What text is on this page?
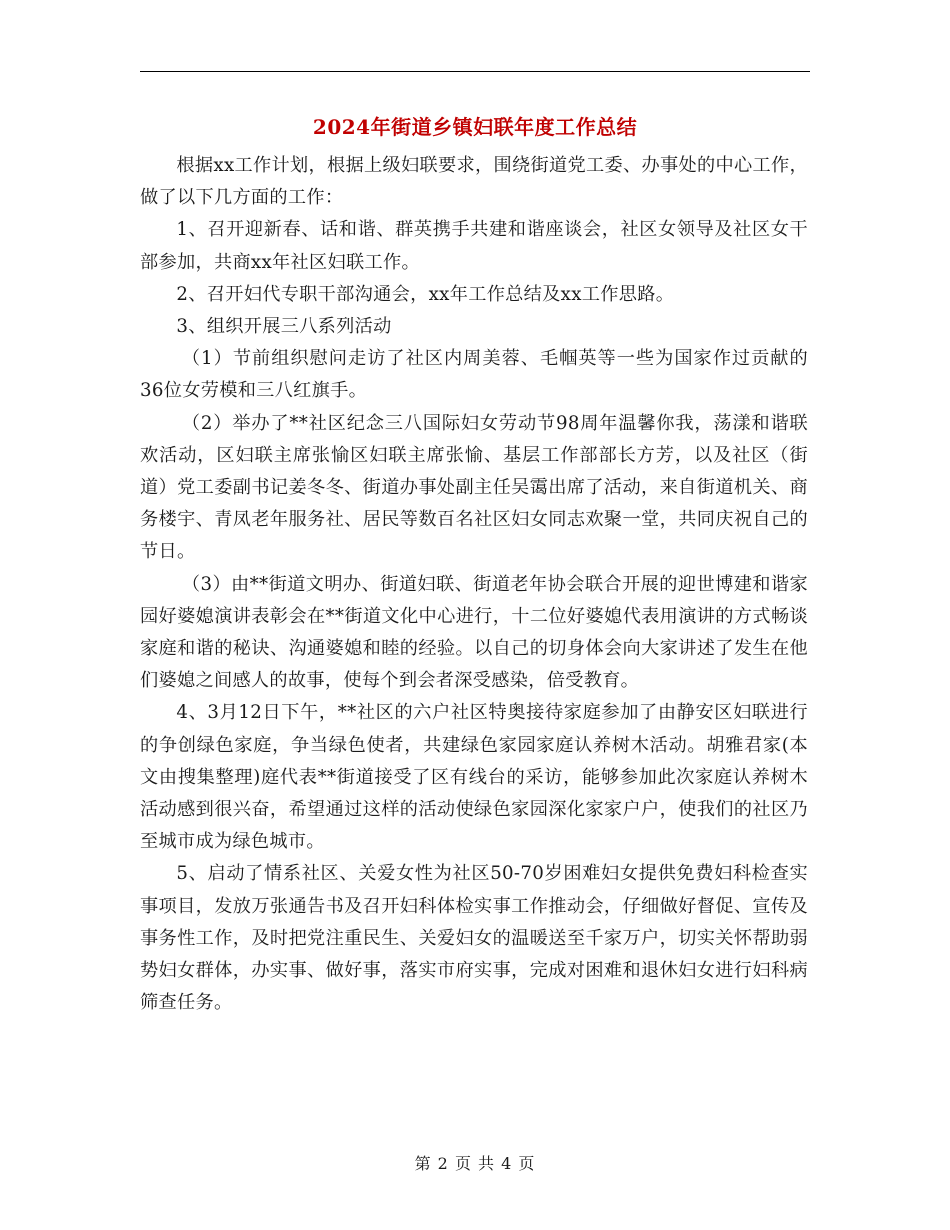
2024年街道乡镇妇联年度工作总结

根据xx工作计划，根据上级妇联要求，围绕街道党工委、办事处的中心工作，做了以下几方面的工作：

1、召开迎新春、话和谐、群英携手共建和谐座谈会，社区女领导及社区女干部参加，共商xx年社区妇联工作。

2、召开妇代专职干部沟通会，xx年工作总结及xx工作思路。

3、组织开展三八系列活动

（1）节前组织慰问走访了社区内周美蓉、毛帼英等一些为国家作过贡献的36位女劳模和三八红旗手。

（2）举办了**社区纪念三八国际妇女劳动节98周年温馨你我，荡漾和谐联欢活动，区妇联主席张愉区妇联主席张愉、基层工作部部长方芳，以及社区（街道）党工委副书记姜冬冬、街道办事处副主任吴霭出席了活动，来自街道机关、商务楼宇、青凤老年服务社、居民等数百名社区妇女同志欢聚一堂，共同庆祝自己的节日。

（3）由**街道文明办、街道妇联、街道老年协会联合开展的迎世博建和谐家园好婆媳演讲表彰会在**街道文化中心进行，十二位好婆媳代表用演讲的方式畅谈家庭和谐的秘诀、沟通婆媳和睦的经验。以自己的切身体会向大家讲述了发生在他们婆媳之间感人的故事，使每个到会者深受感染，倍受教育。

4、3月12日下午，**社区的六户社区特奥接待家庭参加了由静安区妇联进行的争创绿色家庭，争当绿色使者，共建绿色家园家庭认养树木活动。胡雅君家(本文由搜集整理)庭代表**街道接受了区有线台的采访，能够参加此次家庭认养树木活动感到很兴奋，希望通过这样的活动使绿色家园深化家家户户，使我们的社区乃至城市成为绿色城市。

5、启动了情系社区、关爱女性为社区50-70岁困难妇女提供免费妇科检查实事项目，发放万张通告书及召开妇科体检实事工作推动会，仔细做好督促、宣传及事务性工作，及时把党注重民生、关爱妇女的温暖送至千家万户，切实关怀帮助弱势妇女群体，办实事、做好事，落实市府实事，完成对困难和退休妇女进行妇科病筛查任务。

第 2 页 共 4 页
